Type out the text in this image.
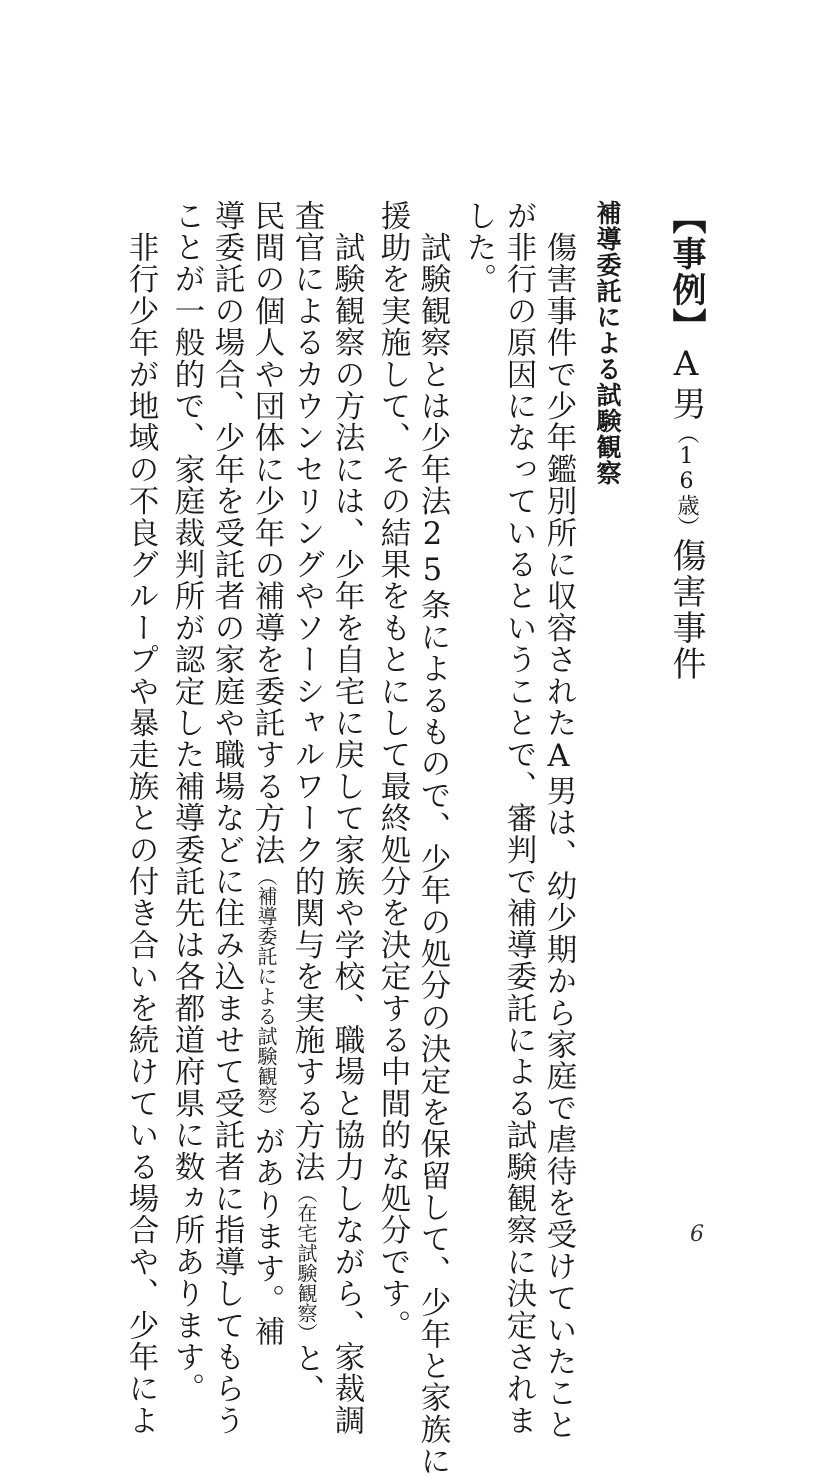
【事例】A男（16歳）傷害事件
補導委託による試験観察
　傷害事件で少年鑑別所に収容されたA男は、幼少期から家庭で虐待を受けていたこと
が非行の原因になっているということで、審判で補導委託による試験観察に決定されま
した。
　試験観察とは少年法25条によるもので、少年の処分の決定を保留して、少年と家族に
援助を実施して、その結果をもとにして最終処分を決定する中間的な処分です。
　試験観察の方法には、少年を自宅に戻して家族や学校、職場と協力しながら、家裁調
査官によるカウンセリングやソーシャルワーク的関与を実施する方法（在宅試験観察）と、
民間の個人や団体に少年の補導を委託する方法（補導委託による試験観察）があります。補
導委託の場合、少年を受託者の家庭や職場などに住み込ませて受託者に指導してもらう
ことが一般的で、家庭裁判所が認定した補導委託先は各都道府県に数ヵ所あります。
　非行少年が地域の不良グループや暴走族との付き合いを続けている場合や、少年によ	6
